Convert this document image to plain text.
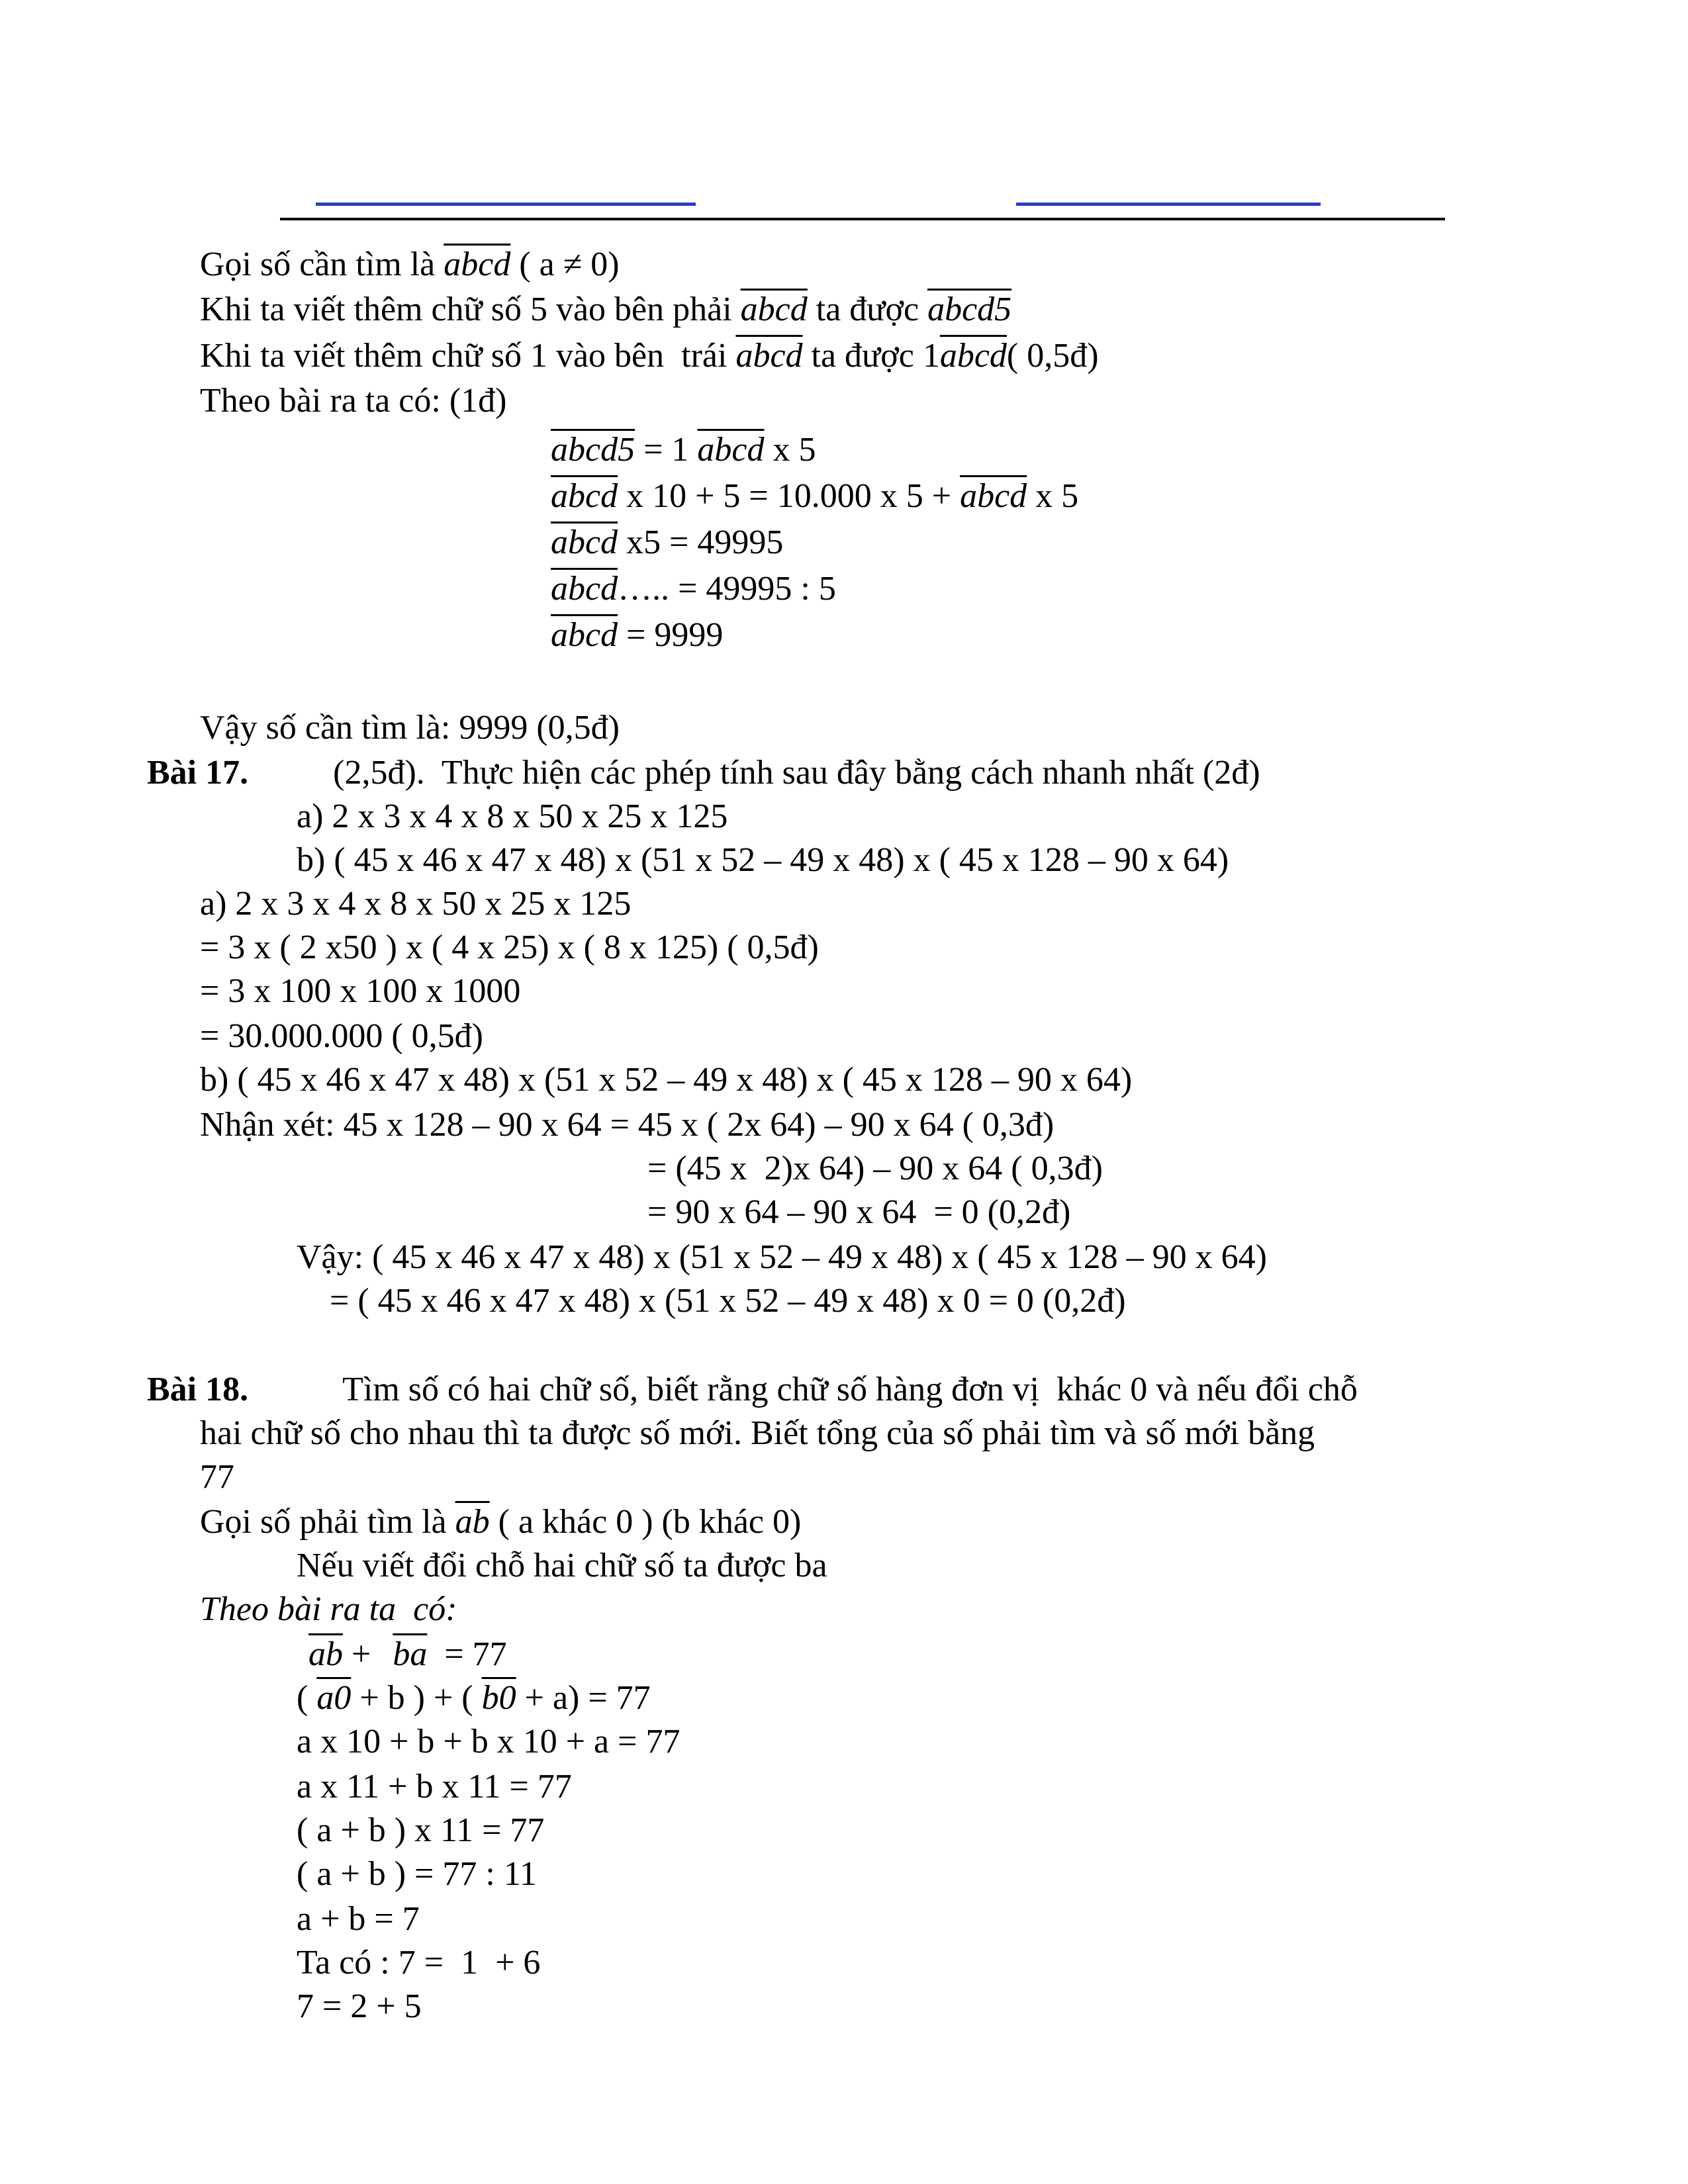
Gọi số cần tìm là abcd ( a ≠ 0)
Khi ta viết thêm chữ số 5 vào bên phải abcd ta được abcd5
Khi ta viết thêm chữ số 1 vào bên  trái abcd ta được 1abcd( 0,5đ)
Theo bài ra ta có: (1đ)
abcd5 = 1 abcd x 5
abcd x 10 + 5 = 10.000 x 5 + abcd x 5
abcd x5 = 49995
abcd….. = 49995 : 5
abcd = 9999
Vậy số cần tìm là: 9999 (0,5đ)
Bài 17. (2,5đ).  Thực hiện các phép tính sau đây bằng cách nhanh nhất (2đ)
a) 2 x 3 x 4 x 8 x 50 x 25 x 125
b) ( 45 x 46 x 47 x 48) x (51 x 52 – 49 x 48) x ( 45 x 128 – 90 x 64)
a) 2 x 3 x 4 x 8 x 50 x 25 x 125
= 3 x ( 2 x50 ) x ( 4 x 25) x ( 8 x 125) ( 0,5đ)
= 3 x 100 x 100 x 1000
= 30.000.000 ( 0,5đ)
b) ( 45 x 46 x 47 x 48) x (51 x 52 – 49 x 48) x ( 45 x 128 – 90 x 64)
Nhận xét: 45 x 128 – 90 x 64 = 45 x ( 2x 64) – 90 x 64 ( 0,3đ)
= (45 x  2)x 64) – 90 x 64 ( 0,3đ)
= 90 x 64 – 90 x 64  = 0 (0,2đ)
Vậy: ( 45 x 46 x 47 x 48) x (51 x 52 – 49 x 48) x ( 45 x 128 – 90 x 64)
= ( 45 x 46 x 47 x 48) x (51 x 52 – 49 x 48) x 0 = 0 (0,2đ)
Bài 18.	Tìm số có hai chữ số, biết rằng chữ số hàng đơn vị  khác 0 và nếu đổi chỗ
hai chữ số cho nhau thì ta được số mới. Biết tổng của số phải tìm và số mới bằng
77
Gọi số phải tìm là $\overline{ab}$ ( a khác 0 ) (b khác 0)
Nếu viết đổi chỗ hai chữ số ta được ba
Theo bài ra ta  có:
$\overline{ab} + \overline{ba} = 77$
( a0 + b ) + ( b0 + a) = 77
a x 10 + b + b x 10 + a = 77
a x 11 + b x 11 = 77
( a + b ) x 11 = 77
( a + b ) = 77 : 11
a + b = 7
Ta có : 7 =  1  + 6
7 = 2 + 5
